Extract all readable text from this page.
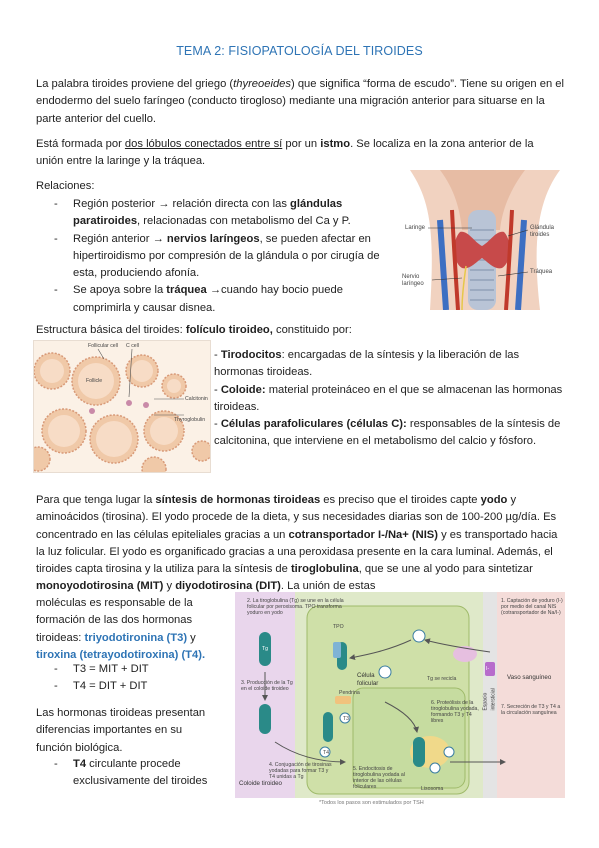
TEMA 2: FISIOPATOLOGÍA DEL TIROIDES

La palabra tiroides proviene del griego (thyreoeides) que significa “forma de escudo”. Tiene su origen en el endodermo del suelo faríngeo (conducto tirogloso) mediante una migración anterior para situarse en la parte anterior del cuello.

Está formada por dos lóbulos conectados entre sí por un istmo. Se localiza en la zona anterior de la unión entre la laringe y la tráquea.

Relaciones:

- Región posterior → relación directa con las glándulas paratiroides, relacionadas con metabolismo del Ca y P.
- Región anterior → nervios laríngeos, se pueden afectar en hipertiroidismo por compresión de la glándula o por cirugía de esta, produciendo afonía.
- Se apoya sobre la tráquea →cuando hay bocio puede comprimirla y causar disnea.
Laringe	Glándula tiroides
Nervio laríngeo
Tráquea

Estructura básica del tiroides: folículo tiroideo, constituido por:

Follicular cell C cell
Follicle
Calcitonin
Thyroglobulin

- Tirodocitos: encargadas de la síntesis y la liberación de las hormonas tiroideas.

- Coloide: material proteináceo en el que se almacenan las hormonas tiroideas.

- Células parafoliculares (células C): responsables de la síntesis de calcitonina, que interviene en el metabolismo del calcio y fósforo.

Para que tenga lugar la síntesis de hormonas tiroideas es preciso que el tiroides capte yodo y aminoácidos (tirosina). El yodo procede de la dieta, y sus necesidades diarias son de 100-200 µg/día. Es concentrado en las células epiteliales gracias a un cotransportador I-/Na+ (NIS) y es transportado hacia la luz folicular. El yodo es organificado gracias a una peroxidasa presente en la cara luminal. Además, el tiroides capta tirosina y la utiliza para la síntesis de tiroglobulina, que se une al yodo para sintetizar monoyodotirosina (MIT) y diyodotirosina (DIT). La unión de estas

moléculas es responsable de la formación de las dos hormonas tiroideas: triyodotironina (T3) y tiroxina (tetrayodotiroxina) (T4).

- T3 = MIT + DIT
- T4 = DIT + DIT

Las hormonas tiroideas presentan diferencias importantes en su función biológica.

- T4 circulante procede exclusivamente del tiroides
2. La tiroglobulina (Tg) se une en la célula folicular por peroxisoma. TPO transforma yoduro en yodo
3. Producción de la Tg en el coloide tiroideo
4. Conjugación de tirosinas yodadas para formar T3 y T4 unidas a Tg
5. Endocitosis de tiroglobulina yodada al interior de las células foliculares
6. Proteólisis de la tiroglobulina yodada, formando T3 y T4 libres
1. Captación de yoduro (I-) por medio del canal NIS (cotransportador de Na/I-)
7. Secreción de T3 y T4 a la circulación sanguínea
Coloide tiroideo
Célula folicular
Espacio intersticial
Vaso sanguíneo
TPO
Pendrina
Tg se recicla
Lisosoma
T3
T4
I-
Tg
*Todos los pasos son estimulados por TSH
